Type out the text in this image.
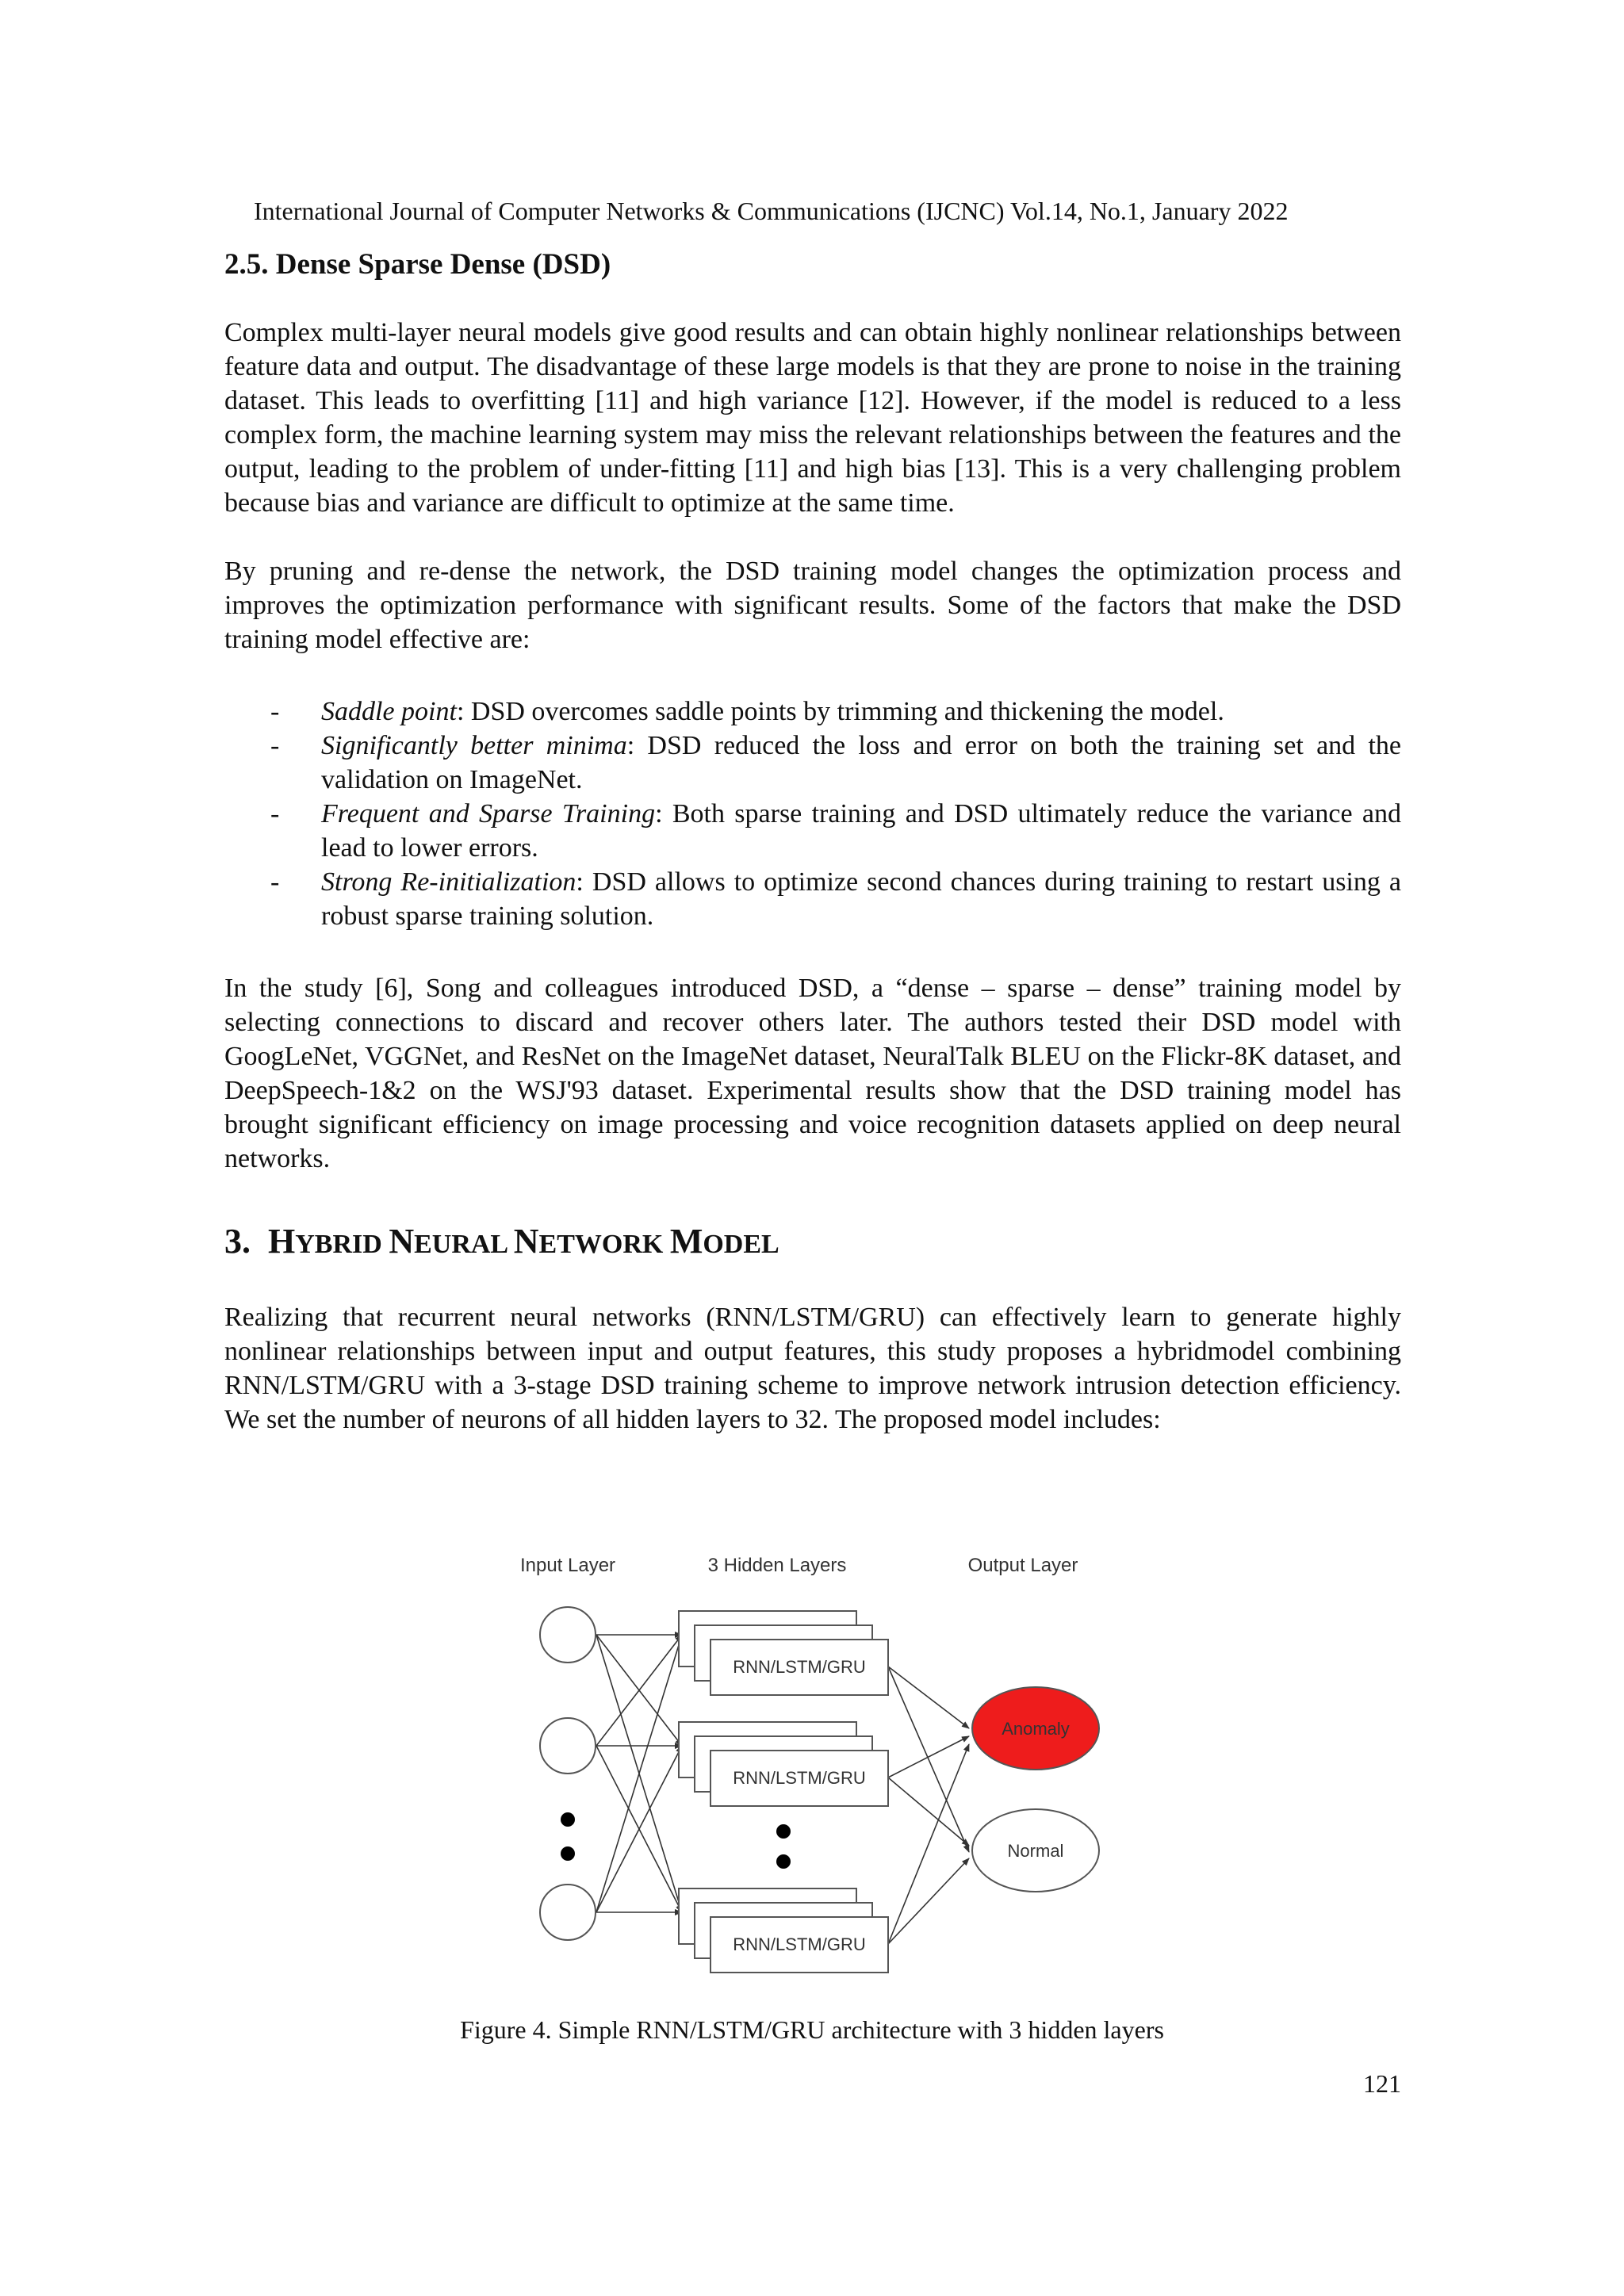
International Journal of Computer Networks & Communications (IJCNC) Vol.14, No.1, January 2022
2.5. Dense Sparse Dense (DSD)

Complex multi-layer neural models give good results and can obtain highly nonlinear relationships between feature data and output. The disadvantage of these large models is that they are prone to noise in the training dataset. This leads to overfitting [11] and high variance [12]. However, if the model is reduced to a less complex form, the machine learning system may miss the relevant relationships between the features and the output, leading to the problem of under-fitting [11] and high bias [13]. This is a very challenging problem because bias and variance are difficult to optimize at the same time.

By pruning and re-dense the network, the DSD training model changes the optimization process and improves the optimization performance with significant results. Some of the factors that make the DSD training model effective are:

- Saddle point: DSD overcomes saddle points by trimming and thickening the model.
- Significantly better minima: DSD reduced the loss and error on both the training set and the validation on ImageNet.
- Frequent and Sparse Training: Both sparse training and DSD ultimately reduce the variance and lead to lower errors.
- Strong Re-initialization: DSD allows to optimize second chances during training to restart using a robust sparse training solution.

In the study [6], Song and colleagues introduced DSD, a “dense – sparse – dense” training model by selecting connections to discard and recover others later. The authors tested their DSD model with GoogLeNet, VGGNet, and ResNet on the ImageNet dataset, NeuralTalk BLEU on the Flickr-8K dataset, and DeepSpeech-1&2 on the WSJ'93 dataset. Experimental results show that the DSD training model has brought significant efficiency on image processing and voice recognition datasets applied on deep neural networks.

3. HYBRID NEURAL NETWORK MODEL

Realizing that recurrent neural networks (RNN/LSTM/GRU) can effectively learn to generate highly nonlinear relationships between input and output features, this study proposes a hybridmodel combining RNN/LSTM/GRU with a 3-stage DSD training scheme to improve network intrusion detection efficiency. We set the number of neurons of all hidden layers to 32. The proposed model includes:

Input Layer	3 Hidden Layers	Output Layer
RNN/LSTM/GRU
RNN/LSTM/GRU
RNN/LSTM/GRU
Anomaly
Normal
Figure 4. Simple RNN/LSTM/GRU architecture with 3 hidden layers
121
